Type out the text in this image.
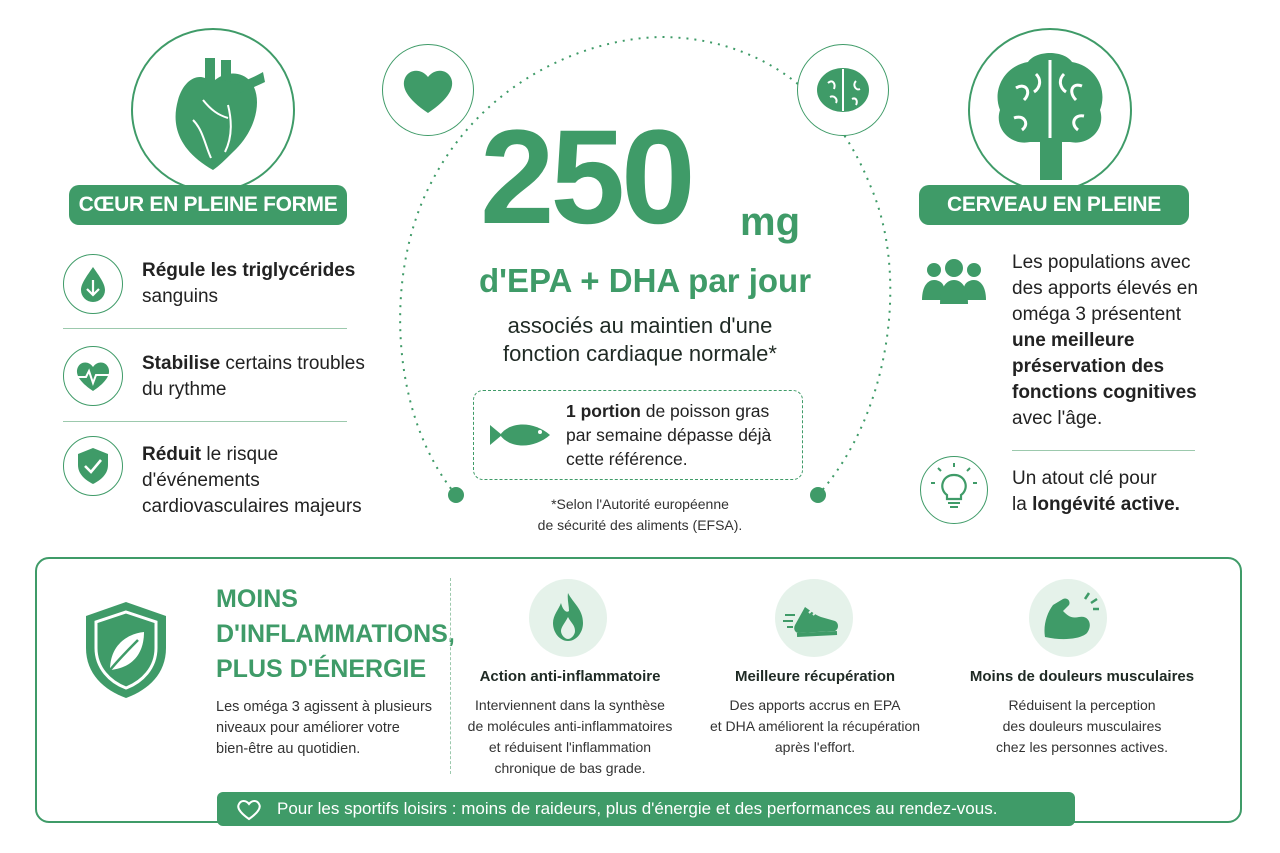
CŒUR EN PLEINE FORME
Régule les triglycérides
sanguins
Stabilise certains troubles du rythme
Réduit le risque d'événements cardiovasculaires majeurs
250 mg
d'EPA + DHA par jour
associés au maintien d'une
fonction cardiaque normale*
1 portion de poisson gras
par semaine dépasse déjà
cette référence.
*Selon l'Autorité européenne
de sécurité des aliments (EFSA).
CERVEAU EN PLEINE FORME
Les populations avec
des apports élevés en
oméga 3 présentent
une meilleure
préservation des
fonctions cognitives
avec l'âge.
Un atout clé pour
la longévité active.
MOINS
D'INFLAMMATIONS,
PLUS D'ÉNERGIE
Les oméga 3 agissent à plusieurs
niveaux pour améliorer votre
bien-être au quotidien.
Action anti-inflammatoire
Interviennent dans la synthèse
de molécules anti-inflammatoires
et réduisent l'inflammation
chronique de bas grade.
Meilleure récupération
Des apports accrus en EPA
et DHA améliorent la récupération
après l'effort.
Moins de douleurs musculaires
Réduisent la perception
des douleurs musculaires
chez les personnes actives.
Pour les sportifs loisirs : moins de raideurs, plus d'énergie et des performances au rendez-vous.
